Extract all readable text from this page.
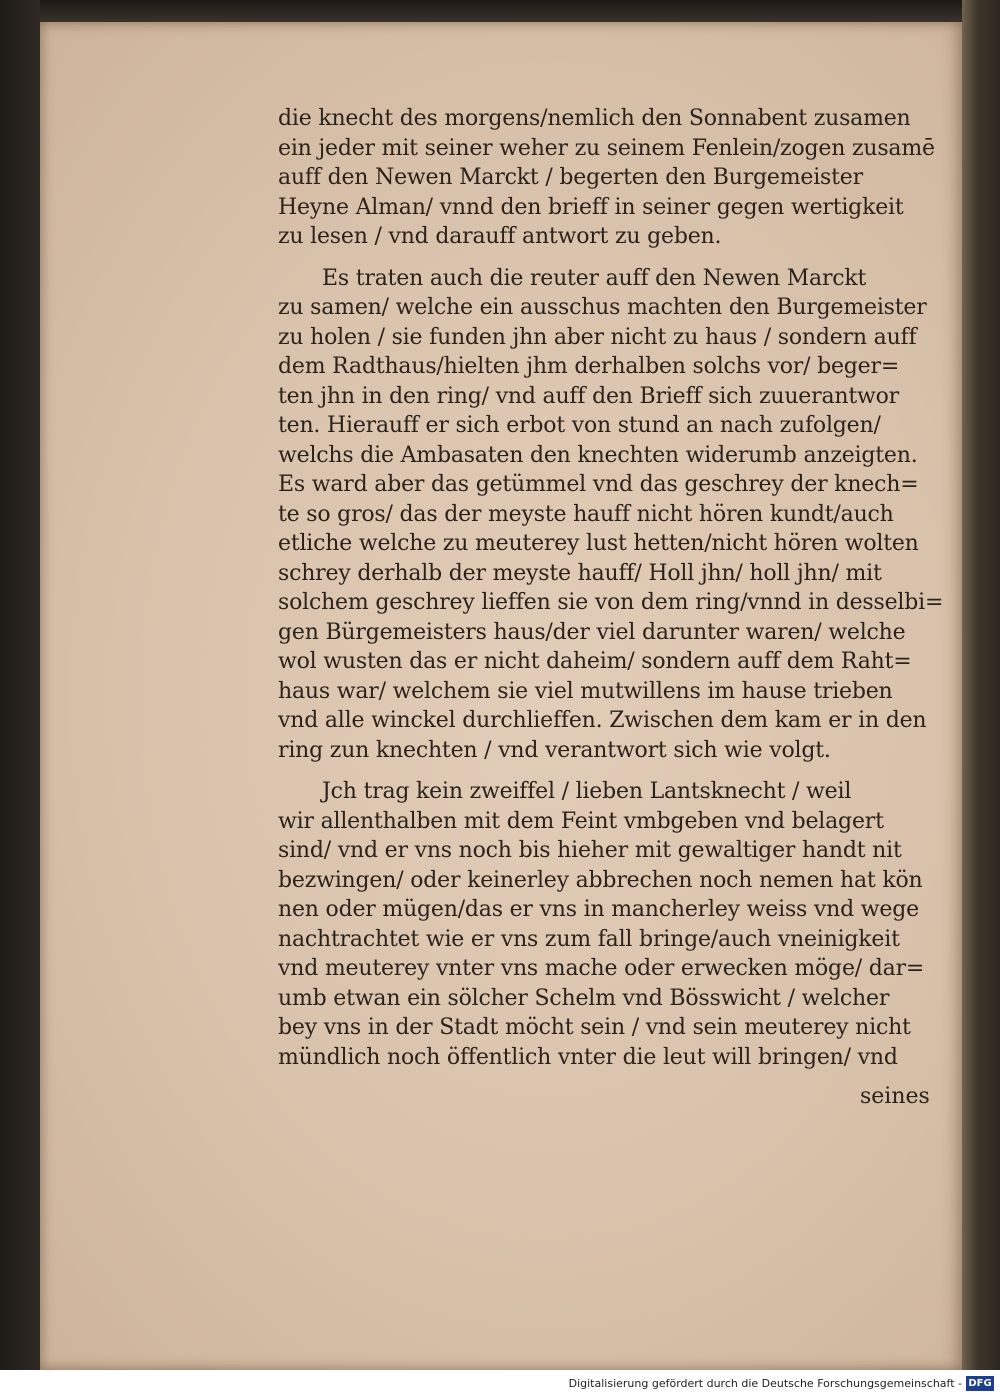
die knecht des morgens/nemlich den Sonnabent zusamen
ein jeder mit seiner weher zu seinem Fenlein/zogen zusamē
auff den Newen Marckt / begerten den Burgemeister
Heyne Alman/ vnnd den brieff in seiner gegen wertigkeit
zu lesen / vnd darauff antwort zu geben.
Es traten auch die reuter auff den Newen Marckt
zu samen/ welche ein ausschus machten den Burgemeister
zu holen / sie funden jhn aber nicht zu haus / sondern auff
dem Radthaus/hielten jhm derhalben solchs vor/ beger=
ten jhn in den ring/ vnd auff den Brieff sich zuuerantwor
ten. Hierauff er sich erbot von stund an nach zufolgen/
welchs die Ambasaten den knechten widerumb anzeigten.
Es ward aber das getümmel vnd das geschrey der knech=
te so gros/ das der meyste hauff nicht hören kundt/auch
etliche welche zu meuterey lust hetten/nicht hören wolten
schrey derhalb der meyste hauff/ Holl jhn/ holl jhn/ mit
solchem geschrey lieffen sie von dem ring/vnnd in desselbi=
gen Bürgemeisters haus/der viel darunter waren/ welche
wol wusten das er nicht daheim/ sondern auff dem Raht=
haus war/ welchem sie viel mutwillens im hause trieben
vnd alle winckel durchlieffen. Zwischen dem kam er in den
ring zun knechten / vnd verantwort sich wie volgt.
Jch trag kein zweiffel / lieben Lantsknecht / weil
wir allenthalben mit dem Feint vmbgeben vnd belagert
sind/ vnd er vns noch bis hieher mit gewaltiger handt nit
bezwingen/ oder keinerley abbrechen noch nemen hat kön
nen oder mügen/das er vns in mancherley weiss vnd wege
nachtrachtet wie er vns zum fall bringe/auch vneinigkeit
vnd meuterey vnter vns mache oder erwecken möge/ dar=
umb etwan ein sölcher Schelm vnd Bösswicht / welcher
bey vns in der Stadt möcht sein / vnd sein meuterey nicht
mündlich noch öffentlich vnter die leut will bringen/ vnd
seines
Digitalisierung gefördert durch die Deutsche Forschungsgemeinschaft - DFG
